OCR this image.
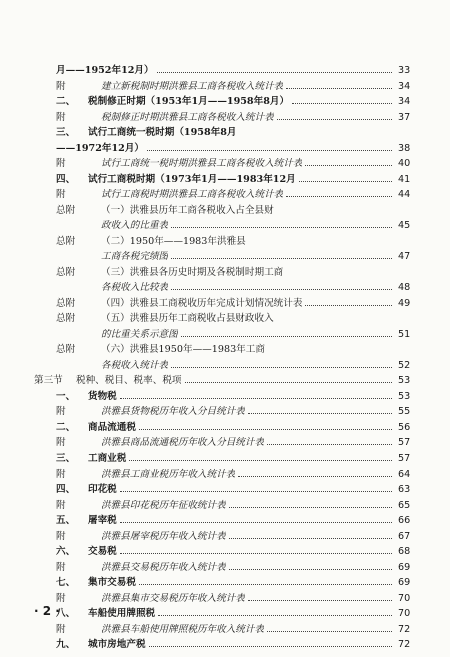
月——1952年12月）	33
附	建立新税制时期洪雅县工商各税收入统计表	34
二、 税制修正时期（1953年1月——1958年8月）	34
附	税制修正时期洪雅县工商各税收入统计表	37
三、 试行工商统一税时期（1958年8月
——1972年12月）	38
附	试行工商统一税时期洪雅县工商各税收入统计表	40
四、 试行工商税时期（1973年1月——1983年12月	41
附	试行工商税时期洪雅县工商各税收入统计表	44
总附	（一）洪雅县历年工商各税收入占全县财
政收入的比重表	45
总附	（二）1950年——1983年洪雅县
工商各税完绩图	47
总附	（三）洪雅县各历史时期及各税制时期工商
各税收入比较表	48
总附	（四）洪雅县工商税收历年完成计划情况统计表	49
总附	（五）洪雅县历年工商税收占县财政收入
的比重关系示意图	51
总附	（六）洪雅县1950年——1983年工商
各税收入统计表	52
第三节 税种、税目、税率、税项	53
一、 货物税	53
附	洪雅县货物税历年收入分目统计表	55
二、 商品流通税	56
附	洪雅县商品流通税历年收入分目统计表	57
三、 工商业税	57
附	洪雅县工商业税历年收入统计表	64
四、 印花税	63
附	洪雅县印花税历年征收统计表	65
五、 屠宰税	66
附	洪雅县屠宰税历年收入统计表	67
六、 交易税	68
附	洪雅县交易税历年收入统计表	69
七、 集市交易税	69
附	洪雅县集市交易税历年收入统计表	70
八、 车船使用牌照税	70
附	洪雅县车船使用牌照税历年收入统计表	72
九、 城市房地产税	72
· 2 ·
